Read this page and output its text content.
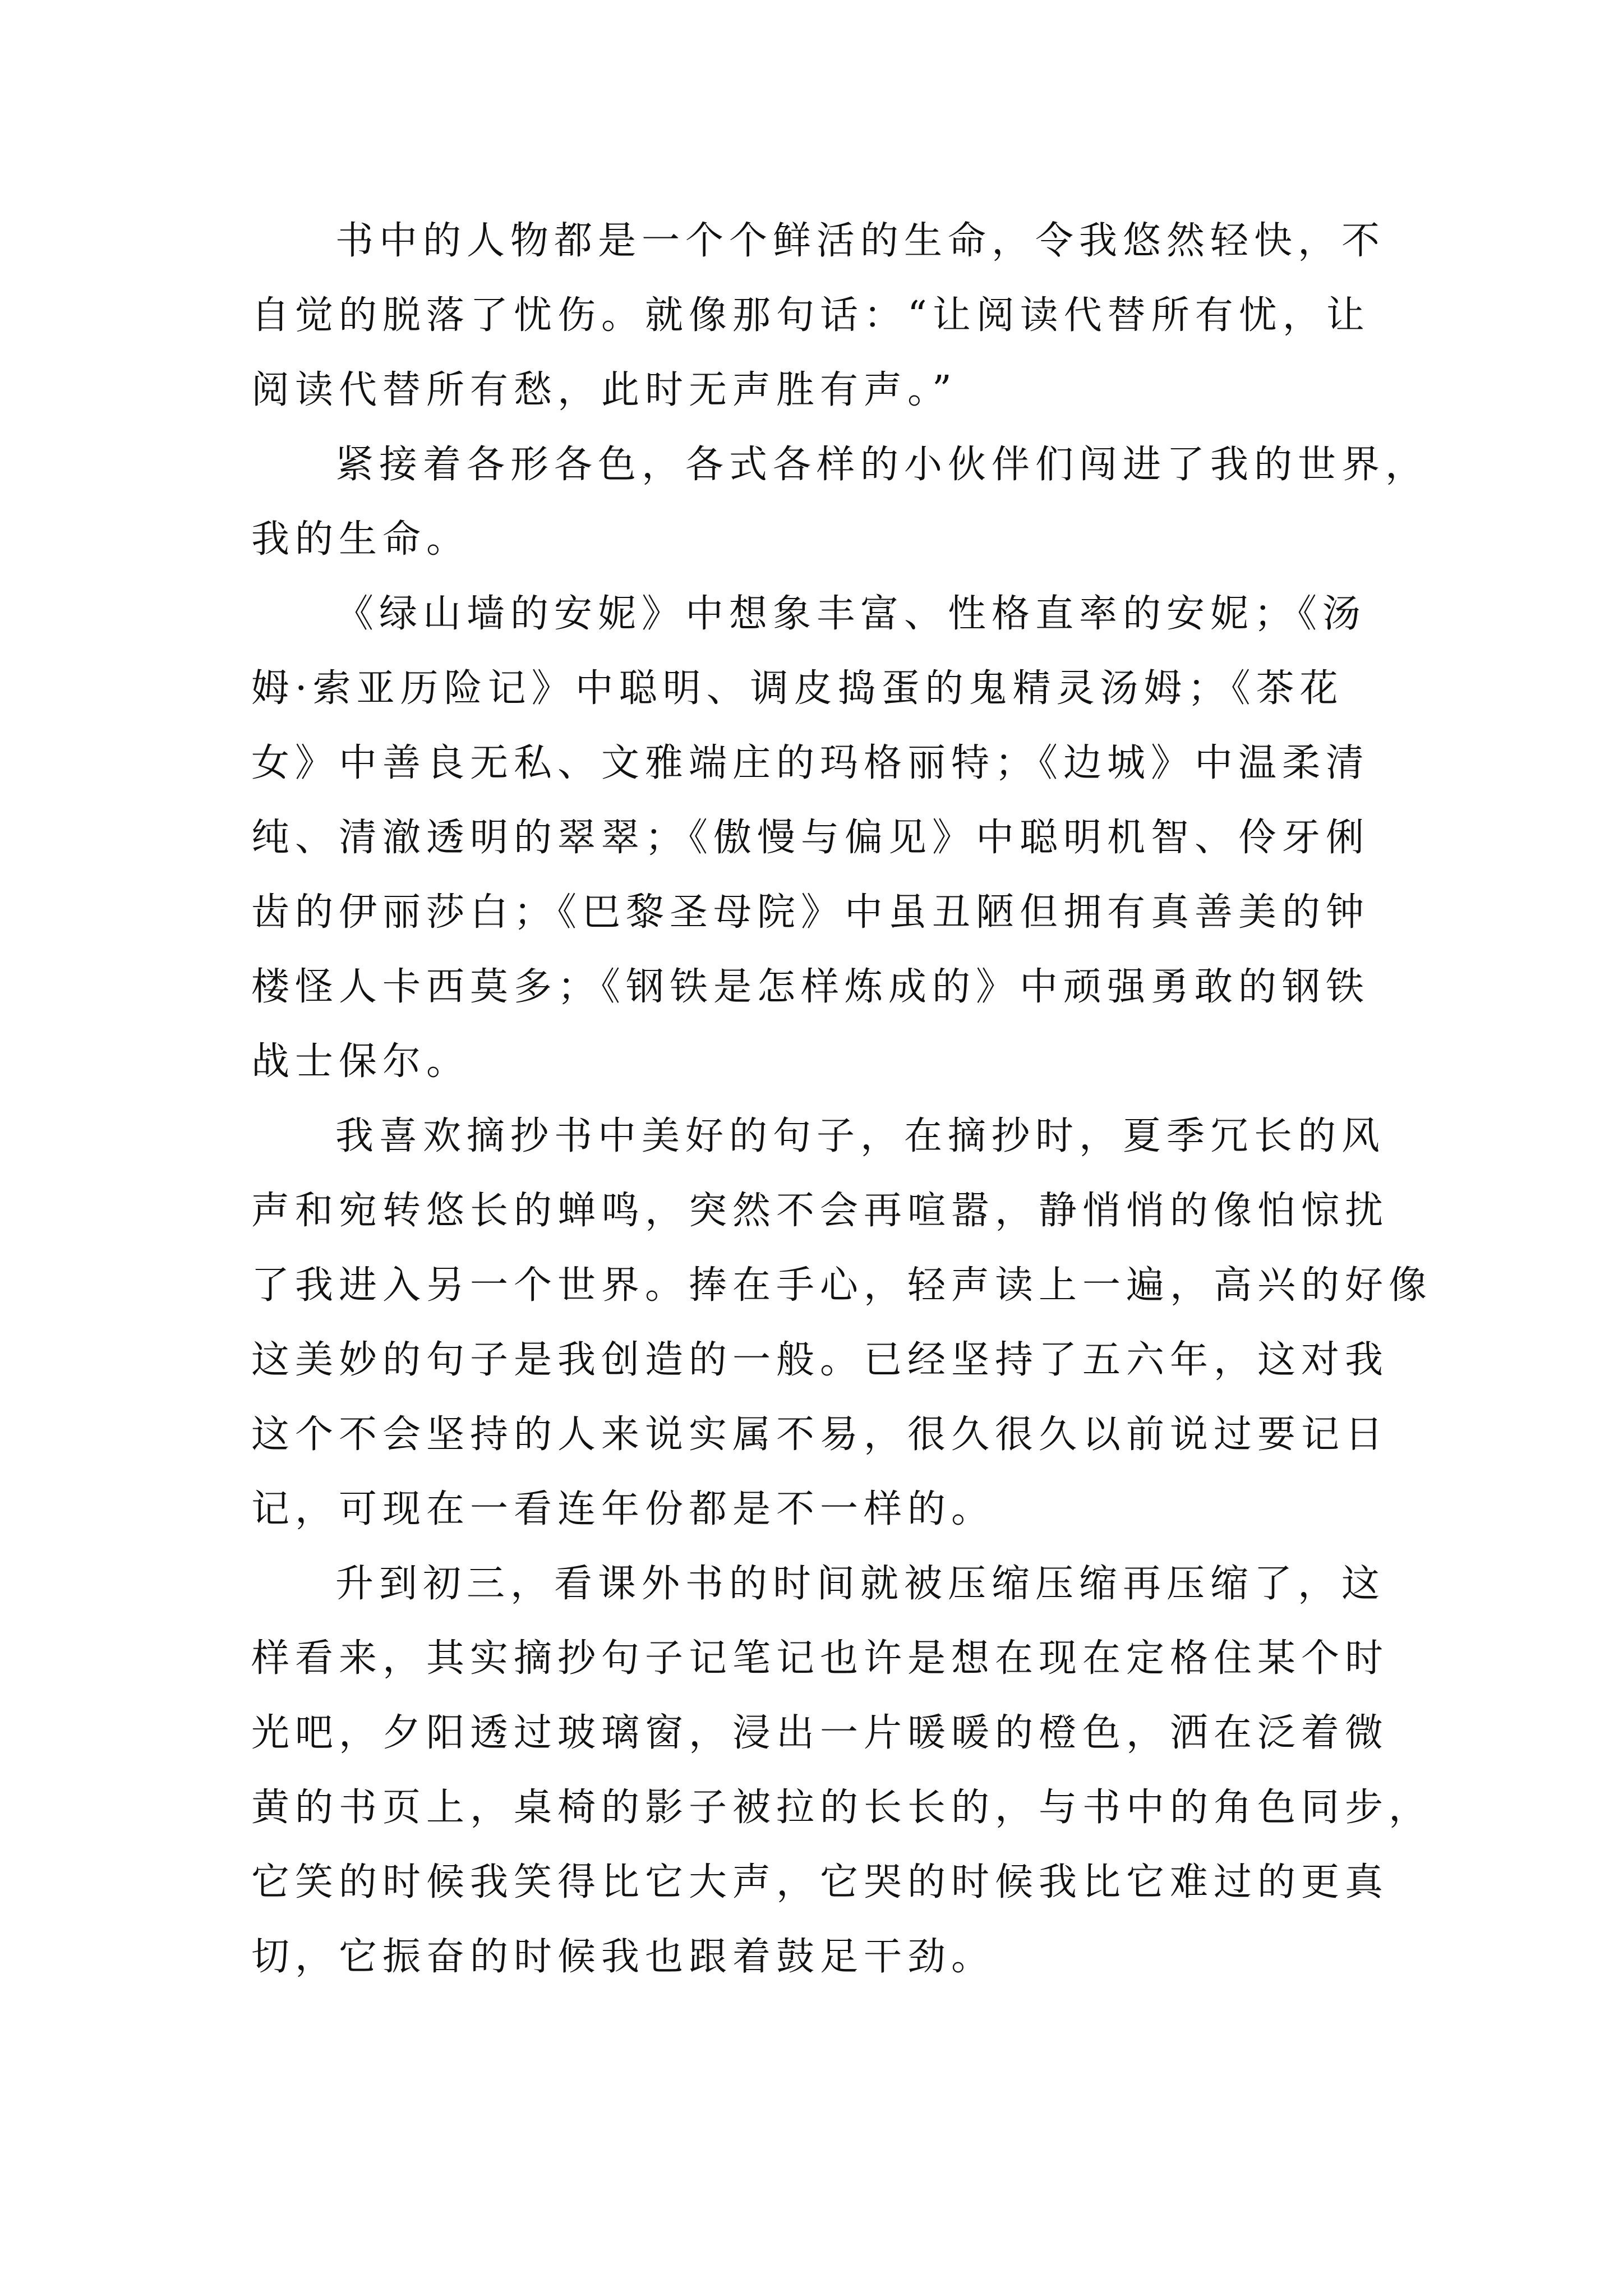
书中的人物都是一个个鲜活的生命，令我悠然轻快，不
自觉的脱落了忧伤。就像那句话：“让阅读代替所有忧，让
阅读代替所有愁，此时无声胜有声。”
紧接着各形各色，各式各样的小伙伴们闯进了我的世界，
我的生命。
《绿山墙的安妮》中想象丰富、性格直率的安妮；《汤
姆·索亚历险记》中聪明、调皮捣蛋的鬼精灵汤姆；《茶花
女》中善良无私、文雅端庄的玛格丽特；《边城》中温柔清
纯、清澈透明的翠翠；《傲慢与偏见》中聪明机智、伶牙俐
齿的伊丽莎白；《巴黎圣母院》中虽丑陋但拥有真善美的钟
楼怪人卡西莫多；《钢铁是怎样炼成的》中顽强勇敢的钢铁
战士保尔。
我喜欢摘抄书中美好的句子，在摘抄时，夏季冗长的风
声和宛转悠长的蝉鸣，突然不会再喧嚣，静悄悄的像怕惊扰
了我进入另一个世界。捧在手心，轻声读上一遍，高兴的好像
这美妙的句子是我创造的一般。已经坚持了五六年，这对我
这个不会坚持的人来说实属不易，很久很久以前说过要记日
记，可现在一看连年份都是不一样的。
升到初三，看课外书的时间就被压缩压缩再压缩了，这
样看来，其实摘抄句子记笔记也许是想在现在定格住某个时
光吧，夕阳透过玻璃窗，浸出一片暖暖的橙色，洒在泛着微
黄的书页上，桌椅的影子被拉的长长的，与书中的角色同步，
它笑的时候我笑得比它大声，它哭的时候我比它难过的更真
切，它振奋的时候我也跟着鼓足干劲。
